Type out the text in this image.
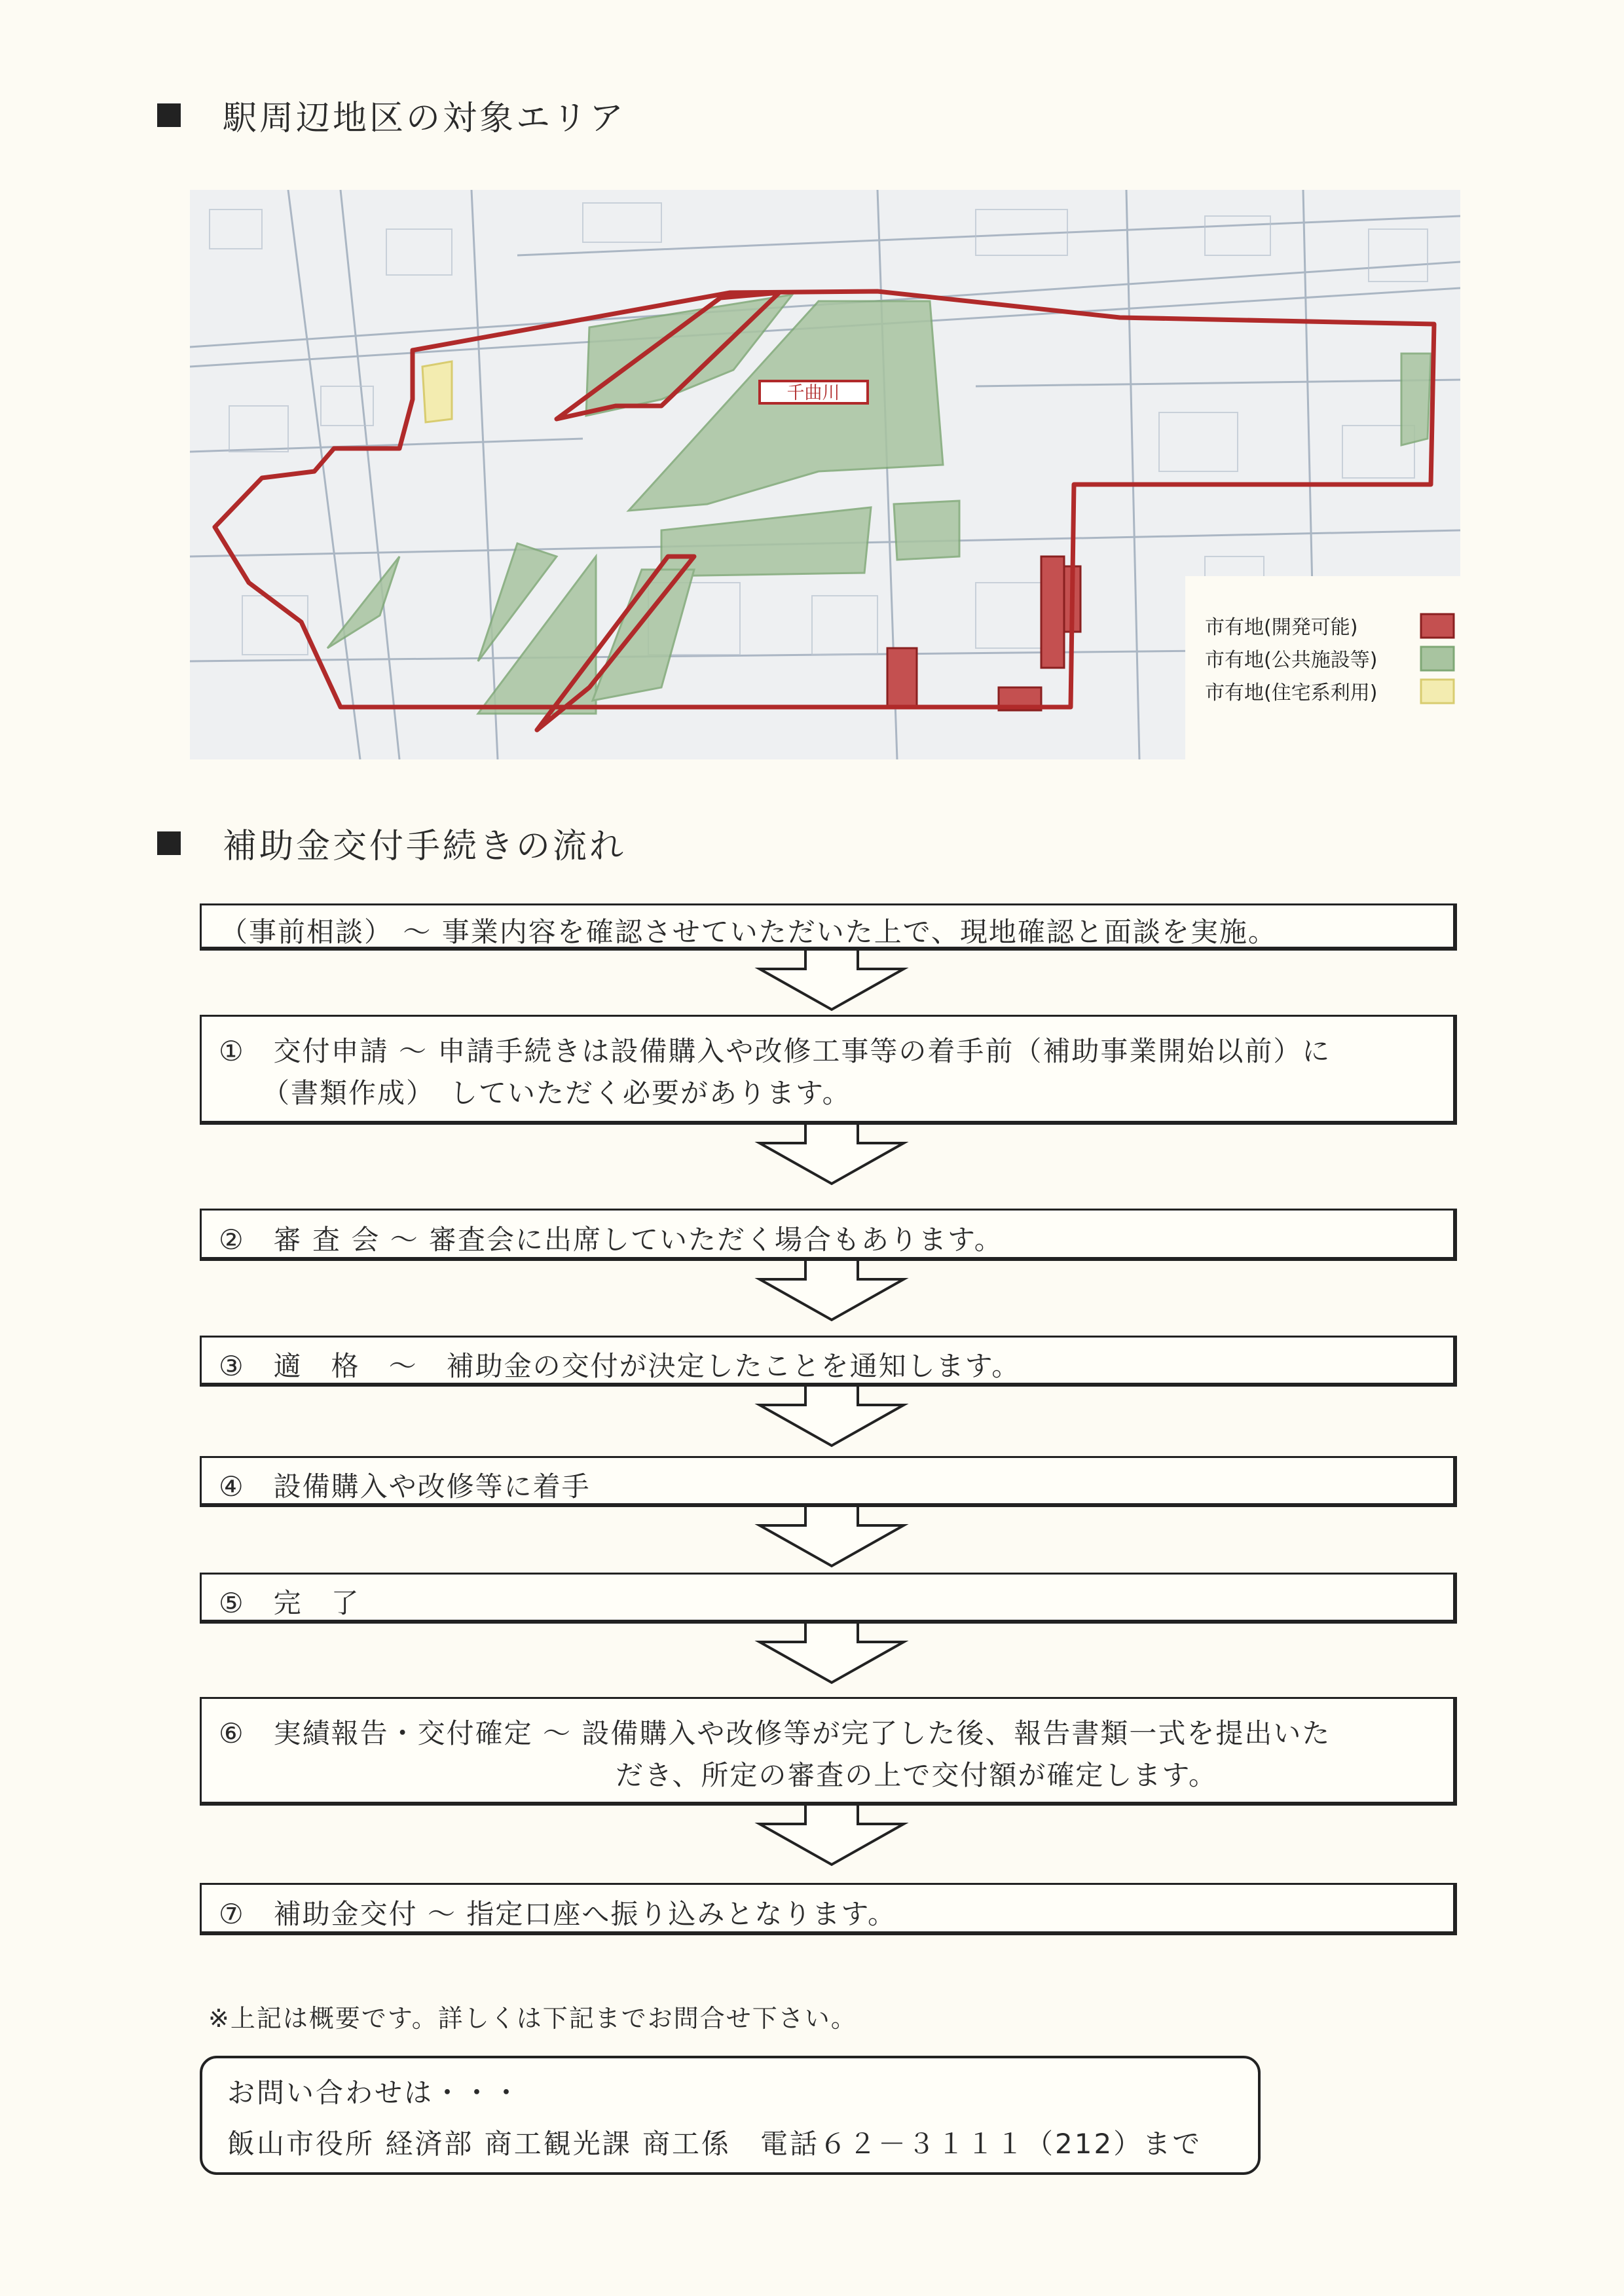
駅周辺地区の対象エリア
千曲川
市有地(開発可能)
市有地(公共施設等)
市有地(住宅系利用)
補助金交付手続きの流れ
（事前相談） ～ 事業内容を確認させていただいた上で、現地確認と面談を実施。
①　交付申請 ～ 申請手続きは設備購入や改修工事等の着手前（補助事業開始以前）に
（書類作成）　していただく必要があります。
②　審 査 会 ～ 審査会に出席していただく場合もあります。
③　適　格　～　補助金の交付が決定したことを通知します。
④　設備購入や改修等に着手
⑤　完　了
⑥　実績報告・交付確定 ～ 設備購入や改修等が完了した後、報告書類一式を提出いた
だき、所定の審査の上で交付額が確定します。
⑦　補助金交付 ～ 指定口座へ振り込みとなります。
※上記は概要です。詳しくは下記までお問合せ下さい。
お問い合わせは・・・
飯山市役所 経済部 商工観光課 商工係　電話６２－３１１１（212）まで
